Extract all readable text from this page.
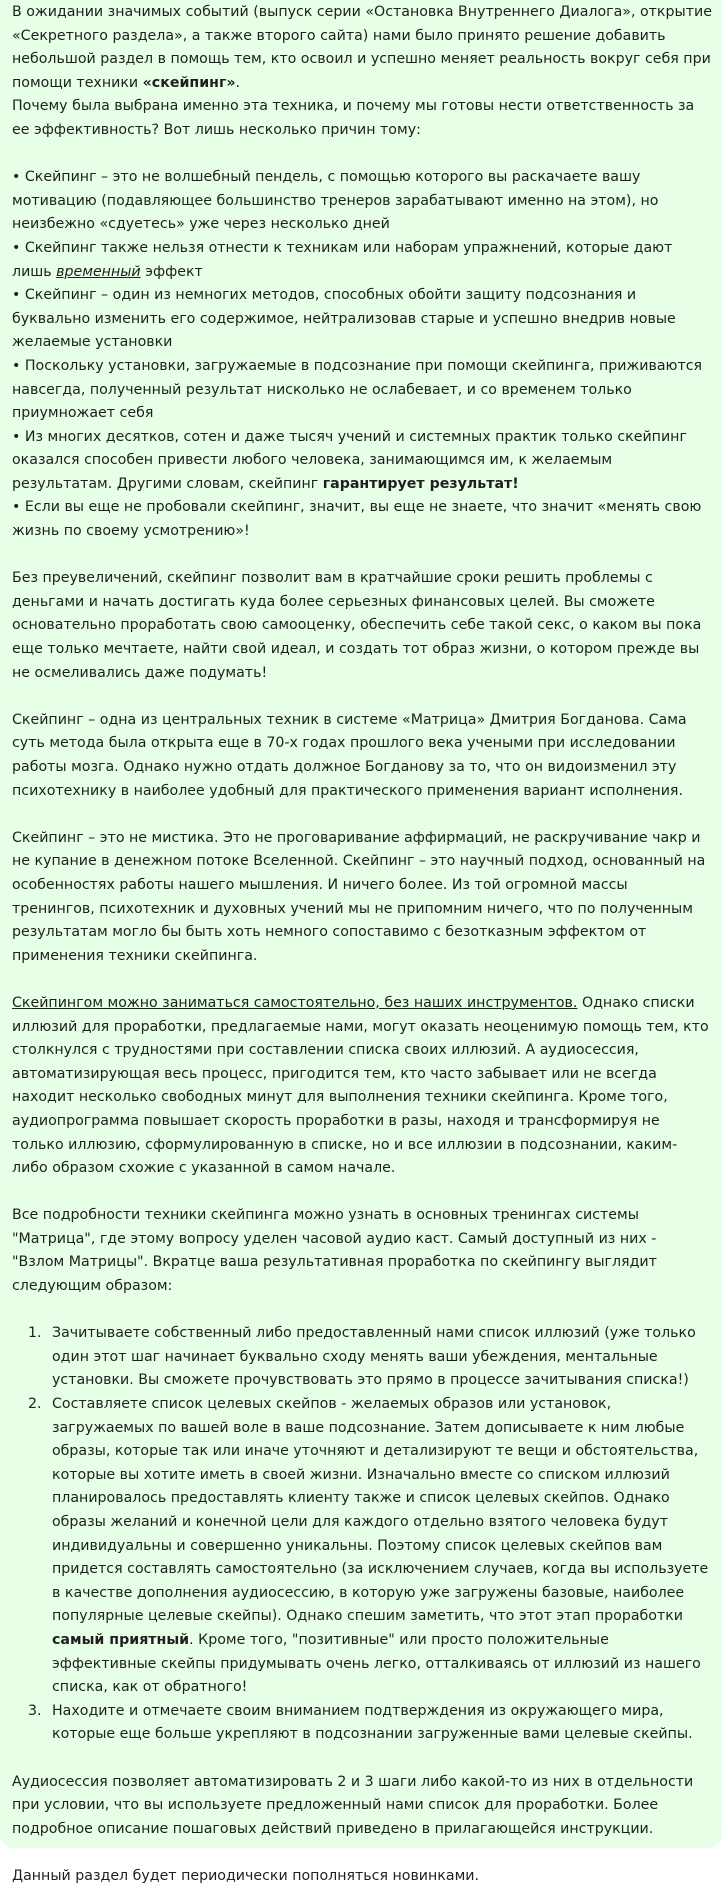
В ожидании значимых событий (выпуск серии «Остановка Внутреннего Диалога», открытие «Секретного раздела», а также второго сайта) нами было принято решение добавить небольшой раздел в помощь тем, кто освоил и успешно меняет реальность вокруг себя при помощи техники «скейпинг».

Почему была выбрана именно эта техника, и почему мы готовы нести ответственность за ее эффективность? Вот лишь несколько причин тому:

• Скейпинг – это не волшебный пендель, с помощью которого вы раскачаете вашу мотивацию (подавляющее большинство тренеров зарабатывают именно на этом), но неизбежно «сдуетесь» уже через несколько дней

• Скейпинг также нельзя отнести к техникам или наборам упражнений, которые дают лишь временный эффект

• Скейпинг – один из немногих методов, способных обойти защиту подсознания и буквально изменить его содержимое, нейтрализовав старые и успешно внедрив новые желаемые установки

• Поскольку установки, загружаемые в подсознание при помощи скейпинга, приживаются навсегда, полученный результат нисколько не ослабевает, и со временем только приумножает себя

• Из многих десятков, сотен и даже тысяч учений и системных практик только скейпинг оказался способен привести любого человека, занимающимся им, к желаемым результатам. Другими словам, скейпинг гарантирует результат!

• Если вы еще не пробовали скейпинг, значит, вы еще не знаете, что значит «менять свою жизнь по своему усмотрению»!

Без преувеличений, скейпинг позволит вам в кратчайшие сроки решить проблемы с деньгами и начать достигать куда более серьезных финансовых целей. Вы сможете основательно проработать свою самооценку, обеспечить себе такой секс, о каком вы пока еще только мечтаете, найти свой идеал, и создать тот образ жизни, о котором прежде вы не осмеливались даже подумать!

Скейпинг – одна из центральных техник в системе «Матрица» Дмитрия Богданова. Сама суть метода была открыта еще в 70-х годах прошлого века учеными при исследовании работы мозга. Однако нужно отдать должное Богданову за то, что он видоизменил эту психотехнику в наиболее удобный для практического применения вариант исполнения.

Скейпинг – это не мистика. Это не проговаривание аффирмаций, не раскручивание чакр и не купание в денежном потоке Вселенной. Скейпинг – это научный подход, основанный на особенностях работы нашего мышления. И ничего более. Из той огромной массы тренингов, психотехник и духовных учений мы не припомним ничего, что по полученным результатам могло бы быть хоть немного сопоставимо с безотказным эффектом от применения техники скейпинга.

Скейпингом можно заниматься самостоятельно, без наших инструментов. Однако списки иллюзий для проработки, предлагаемые нами, могут оказать неоценимую помощь тем, кто столкнулся с трудностями при составлении списка своих иллюзий. А аудиосессия, автоматизирующая весь процесс, пригодится тем, кто часто забывает или не всегда находит несколько свободных минут для выполнения техники скейпинга. Кроме того, аудиопрограмма повышает скорость проработки в разы, находя и трансформируя не только иллюзию, сформулированную в списке, но и все иллюзии в подсознании, каким-либо образом схожие с указанной в самом начале.

Все подробности техники скейпинга можно узнать в основных тренингах системы "Матрица", где этому вопросу уделен часовой аудио каст. Самый доступный из них - "Взлом Матрицы". Вкратце ваша результативная проработка по скейпингу выглядит следующим образом:

1. Зачитываете собственный либо предоставленный нами список иллюзий (уже только один этот шаг начинает буквально сходу менять ваши убеждения, ментальные установки. Вы сможете прочувствовать это прямо в процессе зачитывания списка!)
2. Составляете список целевых скейпов - желаемых образов или установок, загружаемых по вашей воле в ваше подсознание. Затем дописываете к ним любые образы, которые так или иначе уточняют и детализируют те вещи и обстоятельства, которые вы хотите иметь в своей жизни. Изначально вместе со списком иллюзий планировалось предоставлять клиенту также и список целевых скейпов. Однако образы желаний и конечной цели для каждого отдельно взятого человека будут индивидуальны и совершенно уникальны. Поэтому список целевых скейпов вам придется составлять самостоятельно (за исключением случаев, когда вы используете в качестве дополнения аудиосессию, в которую уже загружены базовые, наиболее популярные целевые скейпы). Однако спешим заметить, что этот этап проработки самый приятный. Кроме того, "позитивные" или просто положительные эффективные скейпы придумывать очень легко, отталкиваясь от иллюзий из нашего списка, как от обратного!
3. Находите и отмечаете своим вниманием подтверждения из окружающего мира, которые еще больше укрепляют в подсознании загруженные вами целевые скейпы.

Аудиосессия позволяет автоматизировать 2 и 3 шаги либо какой-то из них в отдельности при условии, что вы используете предложенный нами список для проработки. Более подробное описание пошаговых действий приведено в прилагающейся инструкции.

Данный раздел будет периодически пополняться новинками.
